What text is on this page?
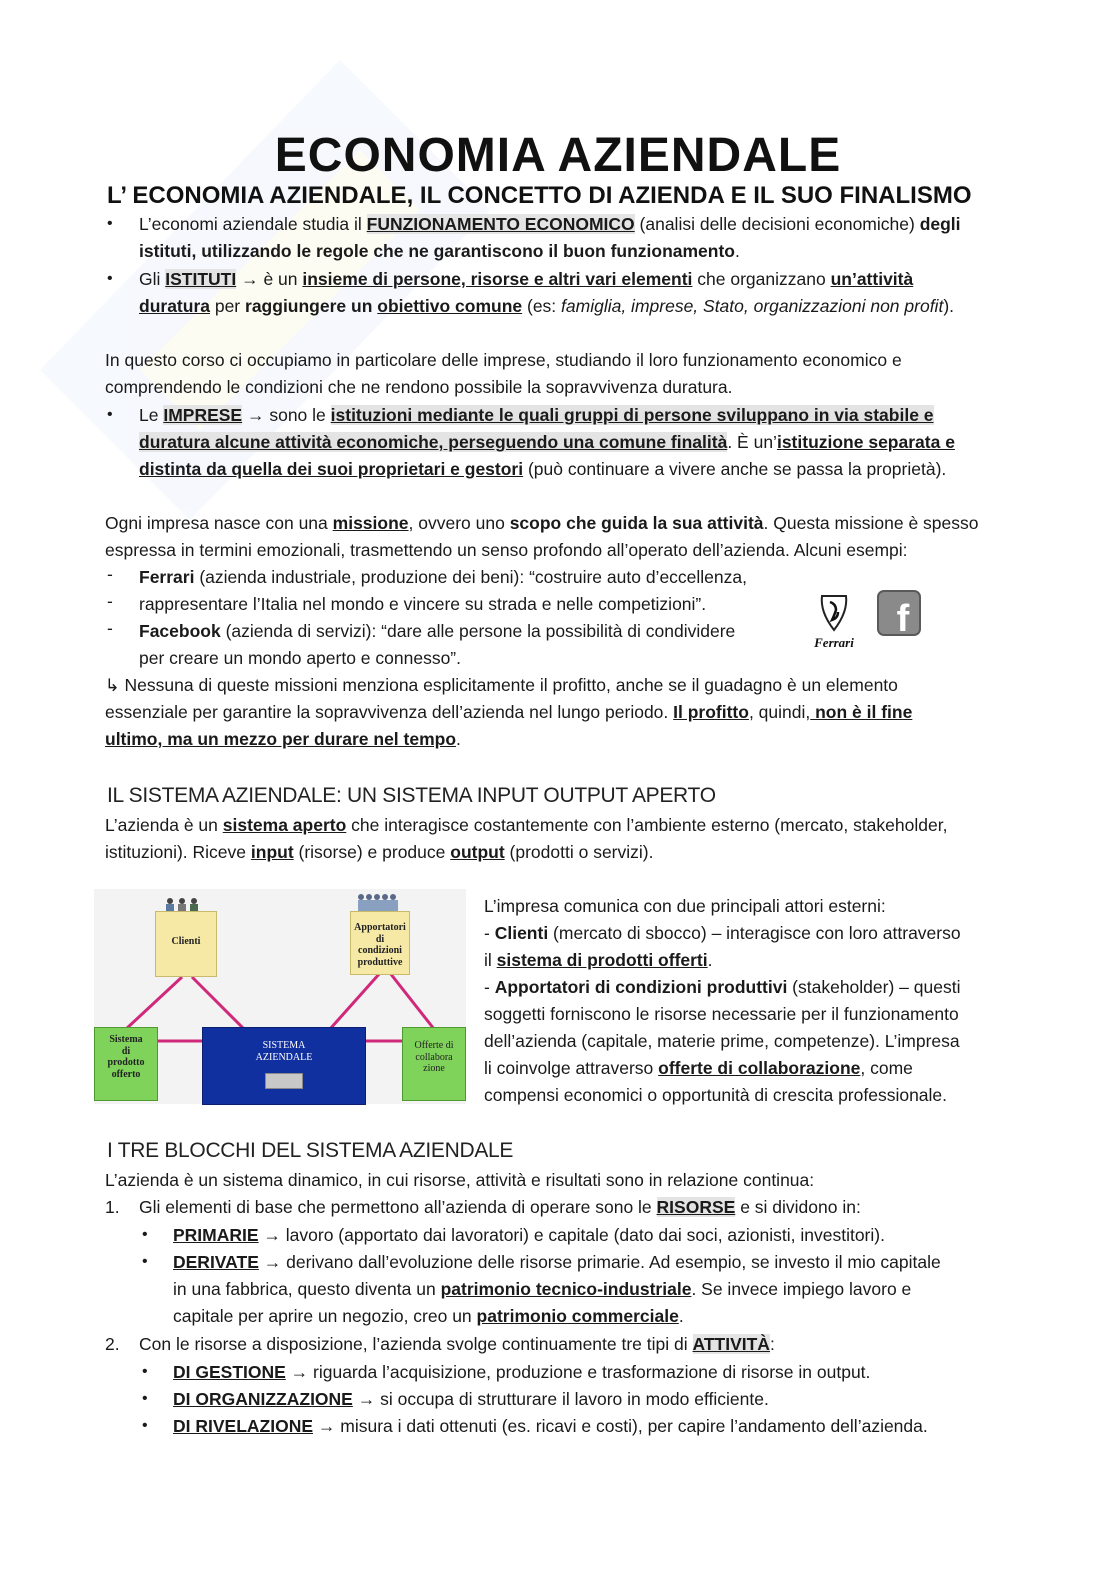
ECONOMIA AZIENDALE
L’ ECONOMIA AZIENDALE, IL CONCETTO DI AZIENDA E IL SUO FINALISMO
• L’economi aziendale studia il FUNZIONAMENTO ECONOMICO (analisi delle decisioni economiche) degli
istituti, utilizzando le regole che ne garantiscono il buon funzionamento.
• Gli ISTITUTI → è un insieme di persone, risorse e altri vari elementi che organizzano un’attività
duratura per raggiungere un obiettivo comune (es: famiglia, imprese, Stato, organizzazioni non profit).
In questo corso ci occupiamo in particolare delle imprese, studiando il loro funzionamento economico e
comprendendo le condizioni che ne rendono possibile la sopravvivenza duratura.
• Le IMPRESE → sono le istituzioni mediante le quali gruppi di persone sviluppano in via stabile e
duratura alcune attività economiche, perseguendo una comune finalità. È un’istituzione separata e
distinta da quella dei suoi proprietari e gestori (può continuare a vivere anche se passa la proprietà).
Ogni impresa nasce con una missione, ovvero uno scopo che guida la sua attività. Questa missione è spesso
espressa in termini emozionali, trasmettendo un senso profondo all’operato dell’azienda. Alcuni esempi:
- Ferrari (azienda industriale, produzione dei beni): “costruire auto d’eccellenza,
- rappresentare l’Italia nel mondo e vincere su strada e nelle competizioni”.
- Facebook (azienda di servizi): “dare alle persone la possibilità di condividere
per creare un mondo aperto e connesso”.
Ferrari
f
↳ Nessuna di queste missioni menziona esplicitamente il profitto, anche se il guadagno è un elemento
essenziale per garantire la sopravvivenza dell’azienda nel lungo periodo. Il profitto, quindi, non è il fine
ultimo, ma un mezzo per durare nel tempo.
IL SISTEMA AZIENDALE: UN SISTEMA INPUT OUTPUT APERTO
L’azienda è un sistema aperto che interagisce costantemente con l’ambiente esterno (mercato, stakeholder,
istituzioni). Riceve input (risorse) e produce output (prodotti o servizi).
Clienti
Apportatori
di
condizioni
produttive
Sistema
di
prodotto
offerto
SISTEMA
AZIENDALE
Offerte di
collabora
zione
L’impresa comunica con due principali attori esterni:
- Clienti (mercato di sbocco) – interagisce con loro attraverso
il sistema di prodotti offerti.
- Apportatori di condizioni produttivi (stakeholder) – questi
soggetti forniscono le risorse necessarie per il funzionamento
dell’azienda (capitale, materie prime, competenze). L’impresa
li coinvolge attraverso offerte di collaborazione, come
compensi economici o opportunità di crescita professionale.
I TRE BLOCCHI DEL SISTEMA AZIENDALE
L’azienda è un sistema dinamico, in cui risorse, attività e risultati sono in relazione continua:
1. Gli elementi di base che permettono all’azienda di operare sono le RISORSE e si dividono in:
• PRIMARIE → lavoro (apportato dai lavoratori) e capitale (dato dai soci, azionisti, investitori).
• DERIVATE → derivano dall’evoluzione delle risorse primarie. Ad esempio, se investo il mio capitale
in una fabbrica, questo diventa un patrimonio tecnico-industriale. Se invece impiego lavoro e
capitale per aprire un negozio, creo un patrimonio commerciale.
2. Con le risorse a disposizione, l’azienda svolge continuamente tre tipi di ATTIVITÀ:
• DI GESTIONE → riguarda l’acquisizione, produzione e trasformazione di risorse in output.
• DI ORGANIZZAZIONE → si occupa di strutturare il lavoro in modo efficiente.
• DI RIVELAZIONE → misura i dati ottenuti (es. ricavi e costi), per capire l’andamento dell’azienda.
